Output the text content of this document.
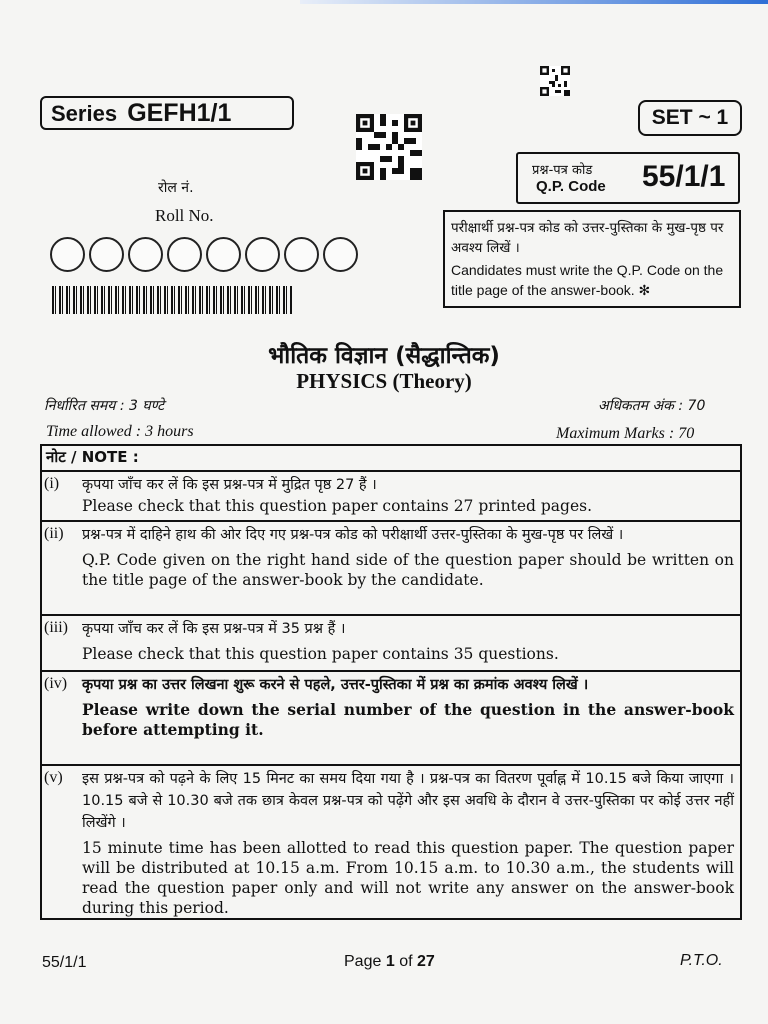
Series GEFH1/1	SET ~ 1
प्रश्न-पत्र कोड
Q.P. Code 55/1/1
रोल नं.
Roll No.
परीक्षार्थी प्रश्न-पत्र कोड को उत्तर-पुस्तिका के मुख-पृष्ठ पर अवश्य लिखें ।
Candidates must write the Q.P. Code on the title page of the answer-book. ✻
भौतिक विज्ञान (सैद्धान्तिक)
PHYSICS (Theory)
निर्धारित समय : 3 घण्टे	अधिकतम अंक : 70
Time allowed : 3 hours	Maximum Marks : 70
नोट / NOTE :
(i) कृपया जाँच कर लें कि इस प्रश्न-पत्र में मुद्रित पृष्ठ 27 हैं ।
Please check that this question paper contains 27 printed pages.
(ii) प्रश्न-पत्र में दाहिने हाथ की ओर दिए गए प्रश्न-पत्र कोड को परीक्षार्थी उत्तर-पुस्तिका के मुख-पृष्ठ पर लिखें ।
Q.P. Code given on the right hand side of the question paper should be written on the title page of the answer-book by the candidate.
(iii) कृपया जाँच कर लें कि इस प्रश्न-पत्र में 35 प्रश्न हैं ।
Please check that this question paper contains 35 questions.
(iv) कृपया प्रश्न का उत्तर लिखना शुरू करने से पहले, उत्तर-पुस्तिका में प्रश्न का क्रमांक अवश्य लिखें ।
Please write down the serial number of the question in the answer-book before attempting it.
(v) इस प्रश्न-पत्र को पढ़ने के लिए 15 मिनट का समय दिया गया है । प्रश्न-पत्र का वितरण पूर्वाह्न में 10.15 बजे किया जाएगा । 10.15 बजे से 10.30 बजे तक छात्र केवल प्रश्न-पत्र को पढ़ेंगे और इस अवधि के दौरान वे उत्तर-पुस्तिका पर कोई उत्तर नहीं लिखेंगे ।
15 minute time has been allotted to read this question paper. The question paper will be distributed at 10.15 a.m. From 10.15 a.m. to 10.30 a.m., the students will read the question paper only and will not write any answer on the answer-book during this period.
55/1/1	Page 1 of 27	P.T.O.
